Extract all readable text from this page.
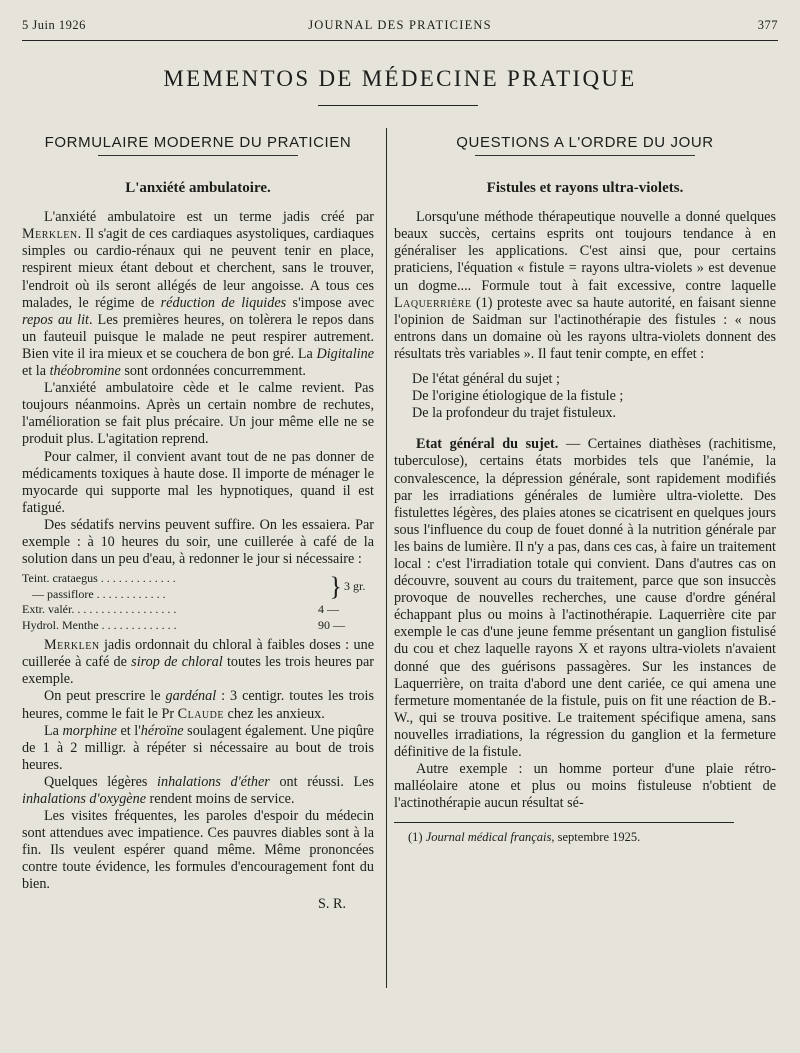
5 Juin 1926	JOURNAL DES PRATICIENS	377
MEMENTOS DE MÉDECINE PRATIQUE
FORMULAIRE MODERNE DU PRATICIEN
L'anxiété ambulatoire.

L'anxiété ambulatoire est un terme jadis créé par Merklen. Il s'agit de ces cardiaques asystoliques, cardiaques simples ou cardio-rénaux qui ne peuvent tenir en place, respirent mieux étant debout et cherchent, sans le trouver, l'endroit où ils seront allégés de leur angoisse. A tous ces malades, le régime de réduction de liquides s'impose avec repos au lit. Les premières heures, on tolèrera le repos dans un fauteuil puisque le malade ne peut respirer autrement. Bien vite il ira mieux et se couchera de bon gré. La Digitaline et la théobromine sont ordonnées concurremment.

L'anxiété ambulatoire cède et le calme revient. Pas toujours néanmoins. Après un certain nombre de rechutes, l'amélioration se fait plus précaire. Un jour même elle ne se produit plus. L'agitation reprend.

Pour calmer, il convient avant tout de ne pas donner de médicaments toxiques à haute dose. Il importe de ménager le myocarde qui supporte mal les hypnotiques, quand il est fatigué.

Des sédatifs nervins peuvent suffire. On les essaiera. Par exemple : à 10 heures du soir, une cuillerée à café de la solution dans un peu d'eau, à redonner le jour si nécessaire :

Teint. crataegus . . . . . . . . . . . . .
— passiflore . . . . . . . . . . . .	} 3 gr.
Extr. valér. . . . . . . . . . . . . . . . . .	4 —
Hydrol. Menthe . . . . . . . . . . . . .	90 —

Merklen jadis ordonnait du chloral à faibles doses : une cuillerée à café de sirop de chloral toutes les trois heures par exemple.

On peut prescrire le gardénal : 3 centigr. toutes les trois heures, comme le fait le Pr Claude chez les anxieux.

La morphine et l'héroïne soulagent également. Une piqûre de 1 à 2 milligr. à répéter si nécessaire au bout de trois heures.

Quelques légères inhalations d'éther ont réussi. Les inhalations d'oxygène rendent moins de service.

Les visites fréquentes, les paroles d'espoir du médecin sont attendues avec impatience. Ces pauvres diables sont à la fin. Ils veulent espérer quand même. Même prononcées contre toute évidence, les formules d'encouragement font du bien.

S. R.
QUESTIONS A L'ORDRE DU JOUR
Fistules et rayons ultra-violets.

Lorsqu'une méthode thérapeutique nouvelle a donné quelques beaux succès, certains esprits ont toujours tendance à en généraliser les applications. C'est ainsi que, pour certains praticiens, l'équation « fistule = rayons ultra-violets » est devenue un dogme.... Formule tout à fait excessive, contre laquelle Laquerrière (1) proteste avec sa haute autorité, en faisant sienne l'opinion de Saidman sur l'actinothérapie des fistules : « nous entrons dans un domaine où les rayons ultra-violets donnent des résultats très variables ». Il faut tenir compte, en effet :

De l'état général du sujet ;

De l'origine étiologique de la fistule ;

De la profondeur du trajet fistuleux.

Etat général du sujet. — Certaines diathèses (rachitisme, tuberculose), certains états morbides tels que l'anémie, la convalescence, la dépression générale, sont rapidement modifiés par les irradiations générales de lumière ultra-violette. Des fistulettes légères, des plaies atones se cicatrisent en quelques jours sous l'influence du coup de fouet donné à la nutrition générale par les bains de lumière. Il n'y a pas, dans ces cas, à faire un traitement local : c'est l'irradiation totale qui convient. Dans d'autres cas on découvre, souvent au cours du traitement, parce que son insuccès provoque de nouvelles recherches, une cause d'ordre général échappant plus ou moins à l'actinothérapie. Laquerrière cite par exemple le cas d'une jeune femme présentant un ganglion fistulisé du cou et chez laquelle rayons X et rayons ultra-violets n'avaient donné que des guérisons passagères. Sur les instances de Laquerrière, on traita d'abord une dent cariée, ce qui amena une fermeture momentanée de la fistule, puis on fit une réaction de B.-W., qui se trouva positive. Le traitement spécifique amena, sans nouvelles irradiations, la régression du ganglion et la fermeture définitive de la fistule.

Autre exemple : un homme porteur d'une plaie rétro-malléolaire atone et plus ou moins fistuleuse n'obtient de l'actinothérapie aucun résultat sé-

(1) Journal médical français, septembre 1925.
